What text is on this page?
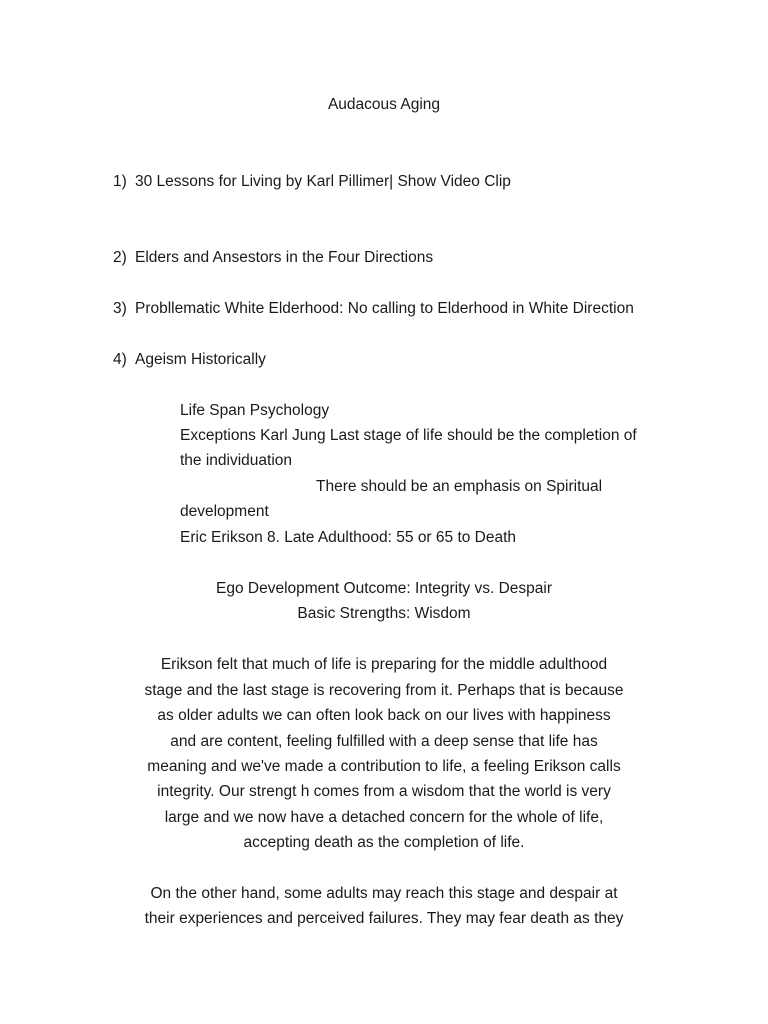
Audacous Aging
1) 30 Lessons for Living by Karl Pillimer| Show Video Clip
2) Elders and Ansestors in the Four Directions
3) Probllematic White Elderhood: No calling to Elderhood in White Direction
4) Ageism Historically
Life Span Psychology
Exceptions Karl Jung Last stage of life should be the completion of
the individuation
There should be an emphasis on Spiritual
development
Eric Erikson 8. Late Adulthood: 55 or 65 to Death
Ego Development Outcome: Integrity vs. Despair
Basic Strengths: Wisdom
Erikson felt that much of life is preparing for the middle adulthood
stage and the last stage is recovering from it. Perhaps that is because
as older adults we can often look back on our lives with happiness
and are content, feeling fulfilled with a deep sense that life has
meaning and we've made a contribution to life, a feeling Erikson calls
integrity. Our strengt h comes from a wisdom that the world is very
large and we now have a detached concern for the whole of life,
accepting death as the completion of life.
On the other hand, some adults may reach this stage and despair at
their experiences and perceived failures. They may fear death as they
